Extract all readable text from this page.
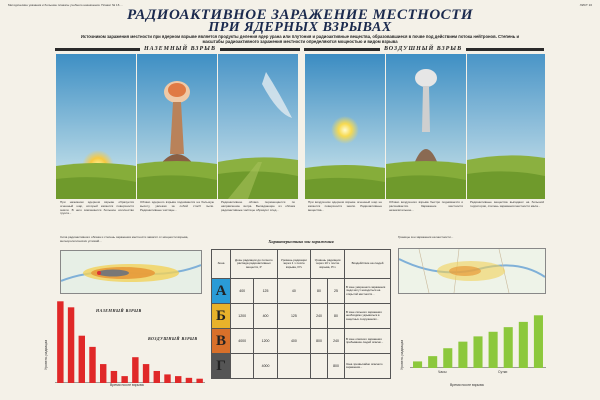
Методические указания и большие плакаты учебного назначения. Плакат № 16 ...	ЛИСТ 16
РАДИОАКТИВНОЕ ЗАРАЖЕНИЕ МЕСТНОСТИ
ПРИ ЯДЕРНЫХ ВЗРЫВАХ
Источником заражения местности при ядерном взрыве является продукты деления ядер урана или плутония и радиоактивные вещества, образовавшиеся в почве под действием потока нейтронов. Степень и масштабы радиоактивного заражения местности определяются мощностью и видом взрыва
НАЗЕМНЫЙ ВЗРЫВ	ВОЗДУШНЫЙ ВЗРЫВ
При наземном ядерном взрыве образуется огненный шар, который касается поверхности земли. В него вовлекается большое количество грунта...
Облако ядерного взрыва поднимается на большую высоту, увлекая за собой столб пыли. Радиоактивные частицы...
Радиоактивное облако перемещается по направлению ветра. Выпадающие из облака радиоактивные частицы образуют след...
При воздушном ядерном взрыве огненный шар не касается поверхности земли. Радиоактивные вещества...
Облако воздушного взрыва быстро поднимается и рассеивается. Заражение местности незначительное...
Радиоактивные вещества выпадают на большой территории, степень заражения местности мала...
Сила радиоактивного облака и степень заражения местности зависят от мощности взрыва, метеорологических условий...	Характеристика зон заражения
Зона	Дозы радиации до полного распада радиоактивных веществ, Р		Уровень радиации через 1 ч после взрыва, Р/ч	Уровень радиации через 10 ч после взрыва, Р/ч		Воздействие на людей
А	400	125	40	80	25	В зоне умеренного заражения люди могут находиться на открытой местности...
Б	1200	400	125	240	80	В зоне сильного заражения необходимо укрываться в защитных сооружениях...
В	4000	1200	400	800	240	В зоне опасного заражения пребывание людей опасно...
Г		4000			800	Зона чрезвычайно опасного заражения...
Границы зон заражения на местности...
НАЗЕМНЫЙ ВЗРЫВ
ВОЗДУШНЫЙ ВЗРЫВ
Уровень радиации
Время после взрыва
Уровень радиации
Часы	Сутки
Время после взрыва
